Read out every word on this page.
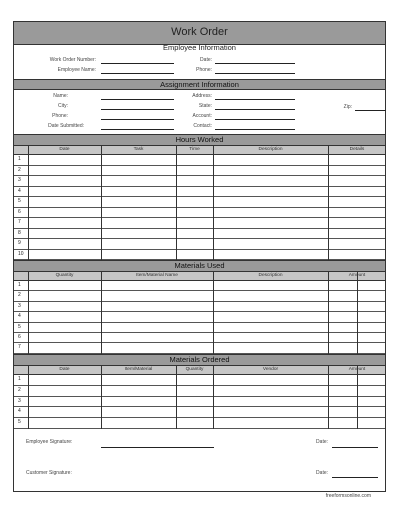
Work Order
Employee Information
Work Order Number:
Employee Name:
Date:
Phone:
Assignment Information
Name:
City:
Phone:
Date Submitted:
Address:
State:
Account:
Contact:
Zip:
Hours Worked
Date	Task	Time	Description	Details
1
2
3
4
5
6
7
8
9
10
Materials Used
Quantity	Item/Material Name	Description	Amount
1
2
3
4
5
6
7
Materials Ordered
Date	Item/Material	Quantity	Vendor	Amount
1
2
3
4
5
Employee Signature:	Date:
Customer Signature:	Date:
freeformsonline.com
